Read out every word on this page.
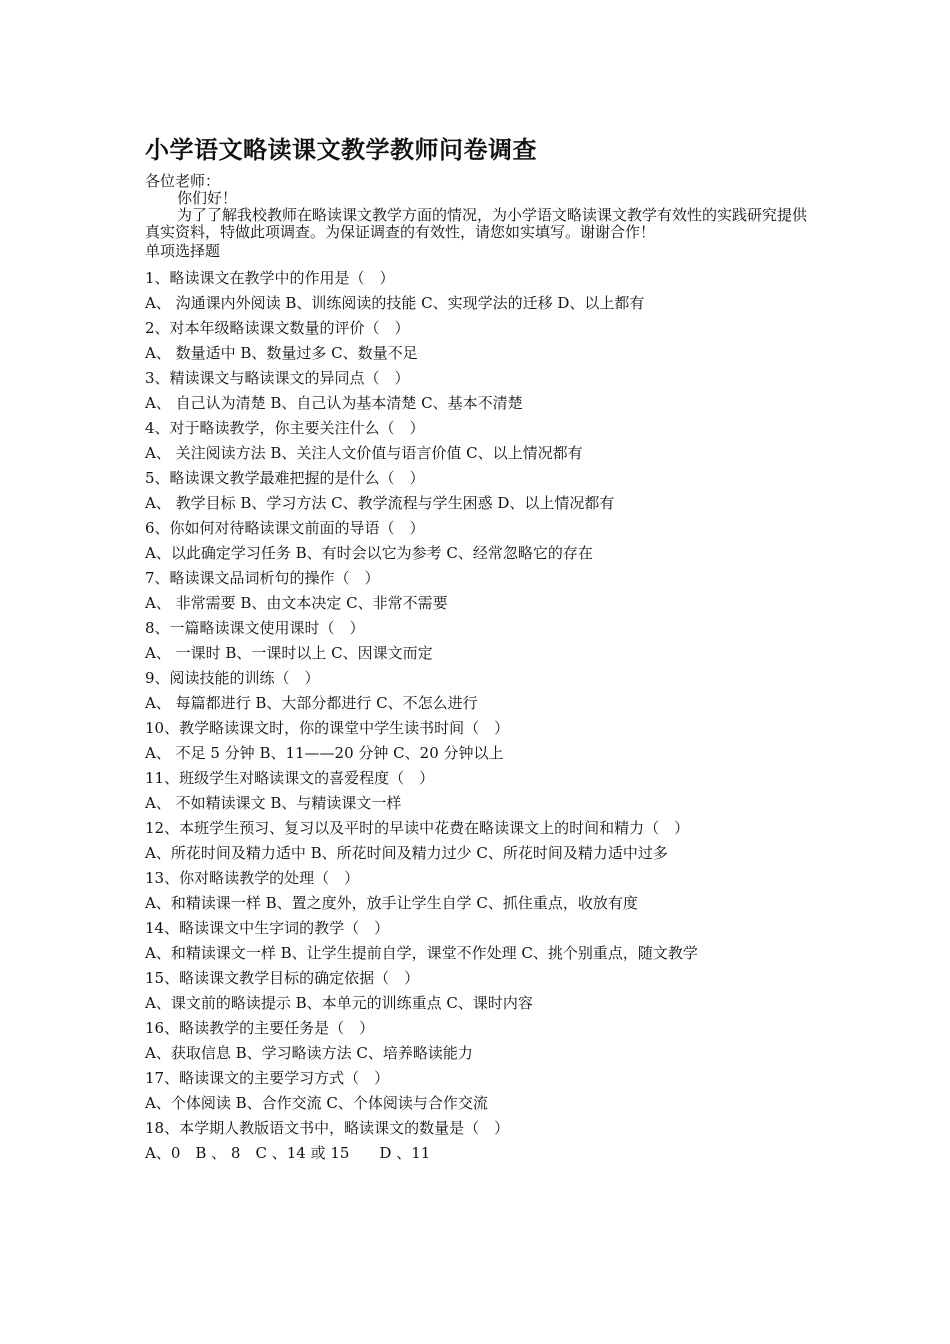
小学语文略读课文教学教师问卷调查
各位老师：
你们好！
为了了解我校教师在略读课文教学方面的情况，为小学语文略读课文教学有效性的实践研究提供真实资料，特做此项调查。为保证调查的有效性，请您如实填写。谢谢合作！
单项选择题
1、略读课文在教学中的作用是（　）
A、 沟通课内外阅读 B、训练阅读的技能 C、实现学法的迁移 D、以上都有
2、对本年级略读课文数量的评价（　）
A、 数量适中 B、数量过多 C、数量不足
3、精读课文与略读课文的异同点（　）
A、 自己认为清楚 B、自己认为基本清楚 C、基本不清楚
4、对于略读教学，你主要关注什么（　）
A、 关注阅读方法 B、关注人文价值与语言价值 C、以上情况都有
5、略读课文教学最难把握的是什么（　）
A、 教学目标 B、学习方法 C、教学流程与学生困惑 D、以上情况都有
6、你如何对待略读课文前面的导语（　）
A、以此确定学习任务 B、有时会以它为参考 C、经常忽略它的存在
7、略读课文品词析句的操作（　）
A、 非常需要 B、由文本决定 C、非常不需要
8、一篇略读课文使用课时（　）
A、 一课时 B、一课时以上 C、因课文而定
9、阅读技能的训练（　）
A、 每篇都进行 B、大部分都进行 C、不怎么进行
10、教学略读课文时，你的课堂中学生读书时间（　）
A、 不足 5 分钟 B、11——20 分钟 C、20 分钟以上
11、班级学生对略读课文的喜爱程度（　）
A、 不如精读课文 B、与精读课文一样
12、本班学生预习、复习以及平时的早读中花费在略读课文上的时间和精力（　）
A、所花时间及精力适中 B、所花时间及精力过少 C、所花时间及精力适中过多
13、你对略读教学的处理（　）
A、和精读课一样 B、置之度外，放手让学生自学 C、抓住重点，收放有度
14、略读课文中生字词的教学（　）
A、和精读课文一样 B、让学生提前自学，课堂不作处理 C、挑个别重点，随文教学
15、略读课文教学目标的确定依据（　）
A、课文前的略读提示 B、本单元的训练重点 C、课时内容
16、略读教学的主要任务是（　）
A、获取信息 B、学习略读方法 C、培养略读能力
17、略读课文的主要学习方式（　）
A、个体阅读 B、合作交流 C、个体阅读与合作交流
18、本学期人教版语文书中，略读课文的数量是（　）
A、0　B 、 8　C 、14 或 15　　D 、11
